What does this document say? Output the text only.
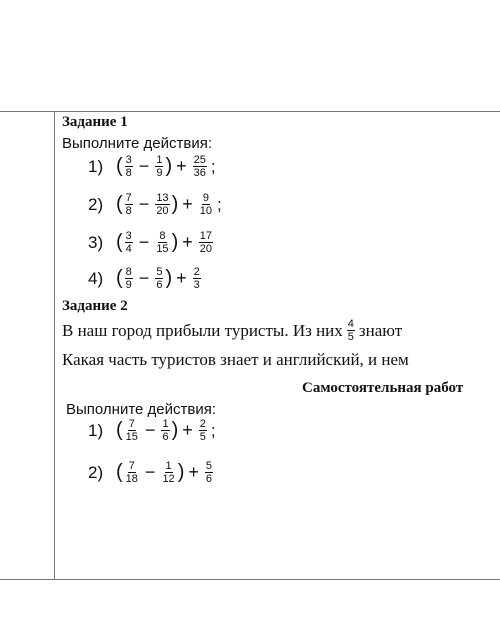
Задание 1
Выполните действия:
1) ( $\frac{3}{8} - \frac{1}{9}$ ) + $\frac{25}{36}$ ;
2) ( $\frac{7}{8} - \frac{13}{20}$ ) + $\frac{9}{10}$ ;
3) ( $\frac{3}{4} - \frac{8}{15}$ ) + $\frac{17}{20}$
4) ( $\frac{8}{9} - \frac{5}{6}$ ) + $\frac{2}{3}$
Задание 2
В наш город прибыли туристы. Из них $\frac{4}{5}$ знают
Какая часть туристов знает и английский, и нем
Самостоятельная работ
Выполните действия:
1) ( $\frac{7}{15} - \frac{1}{6}$ ) + $\frac{2}{5}$ ;
2) ( $\frac{7}{18} - \frac{1}{12}$ ) + $\frac{5}{6}$
